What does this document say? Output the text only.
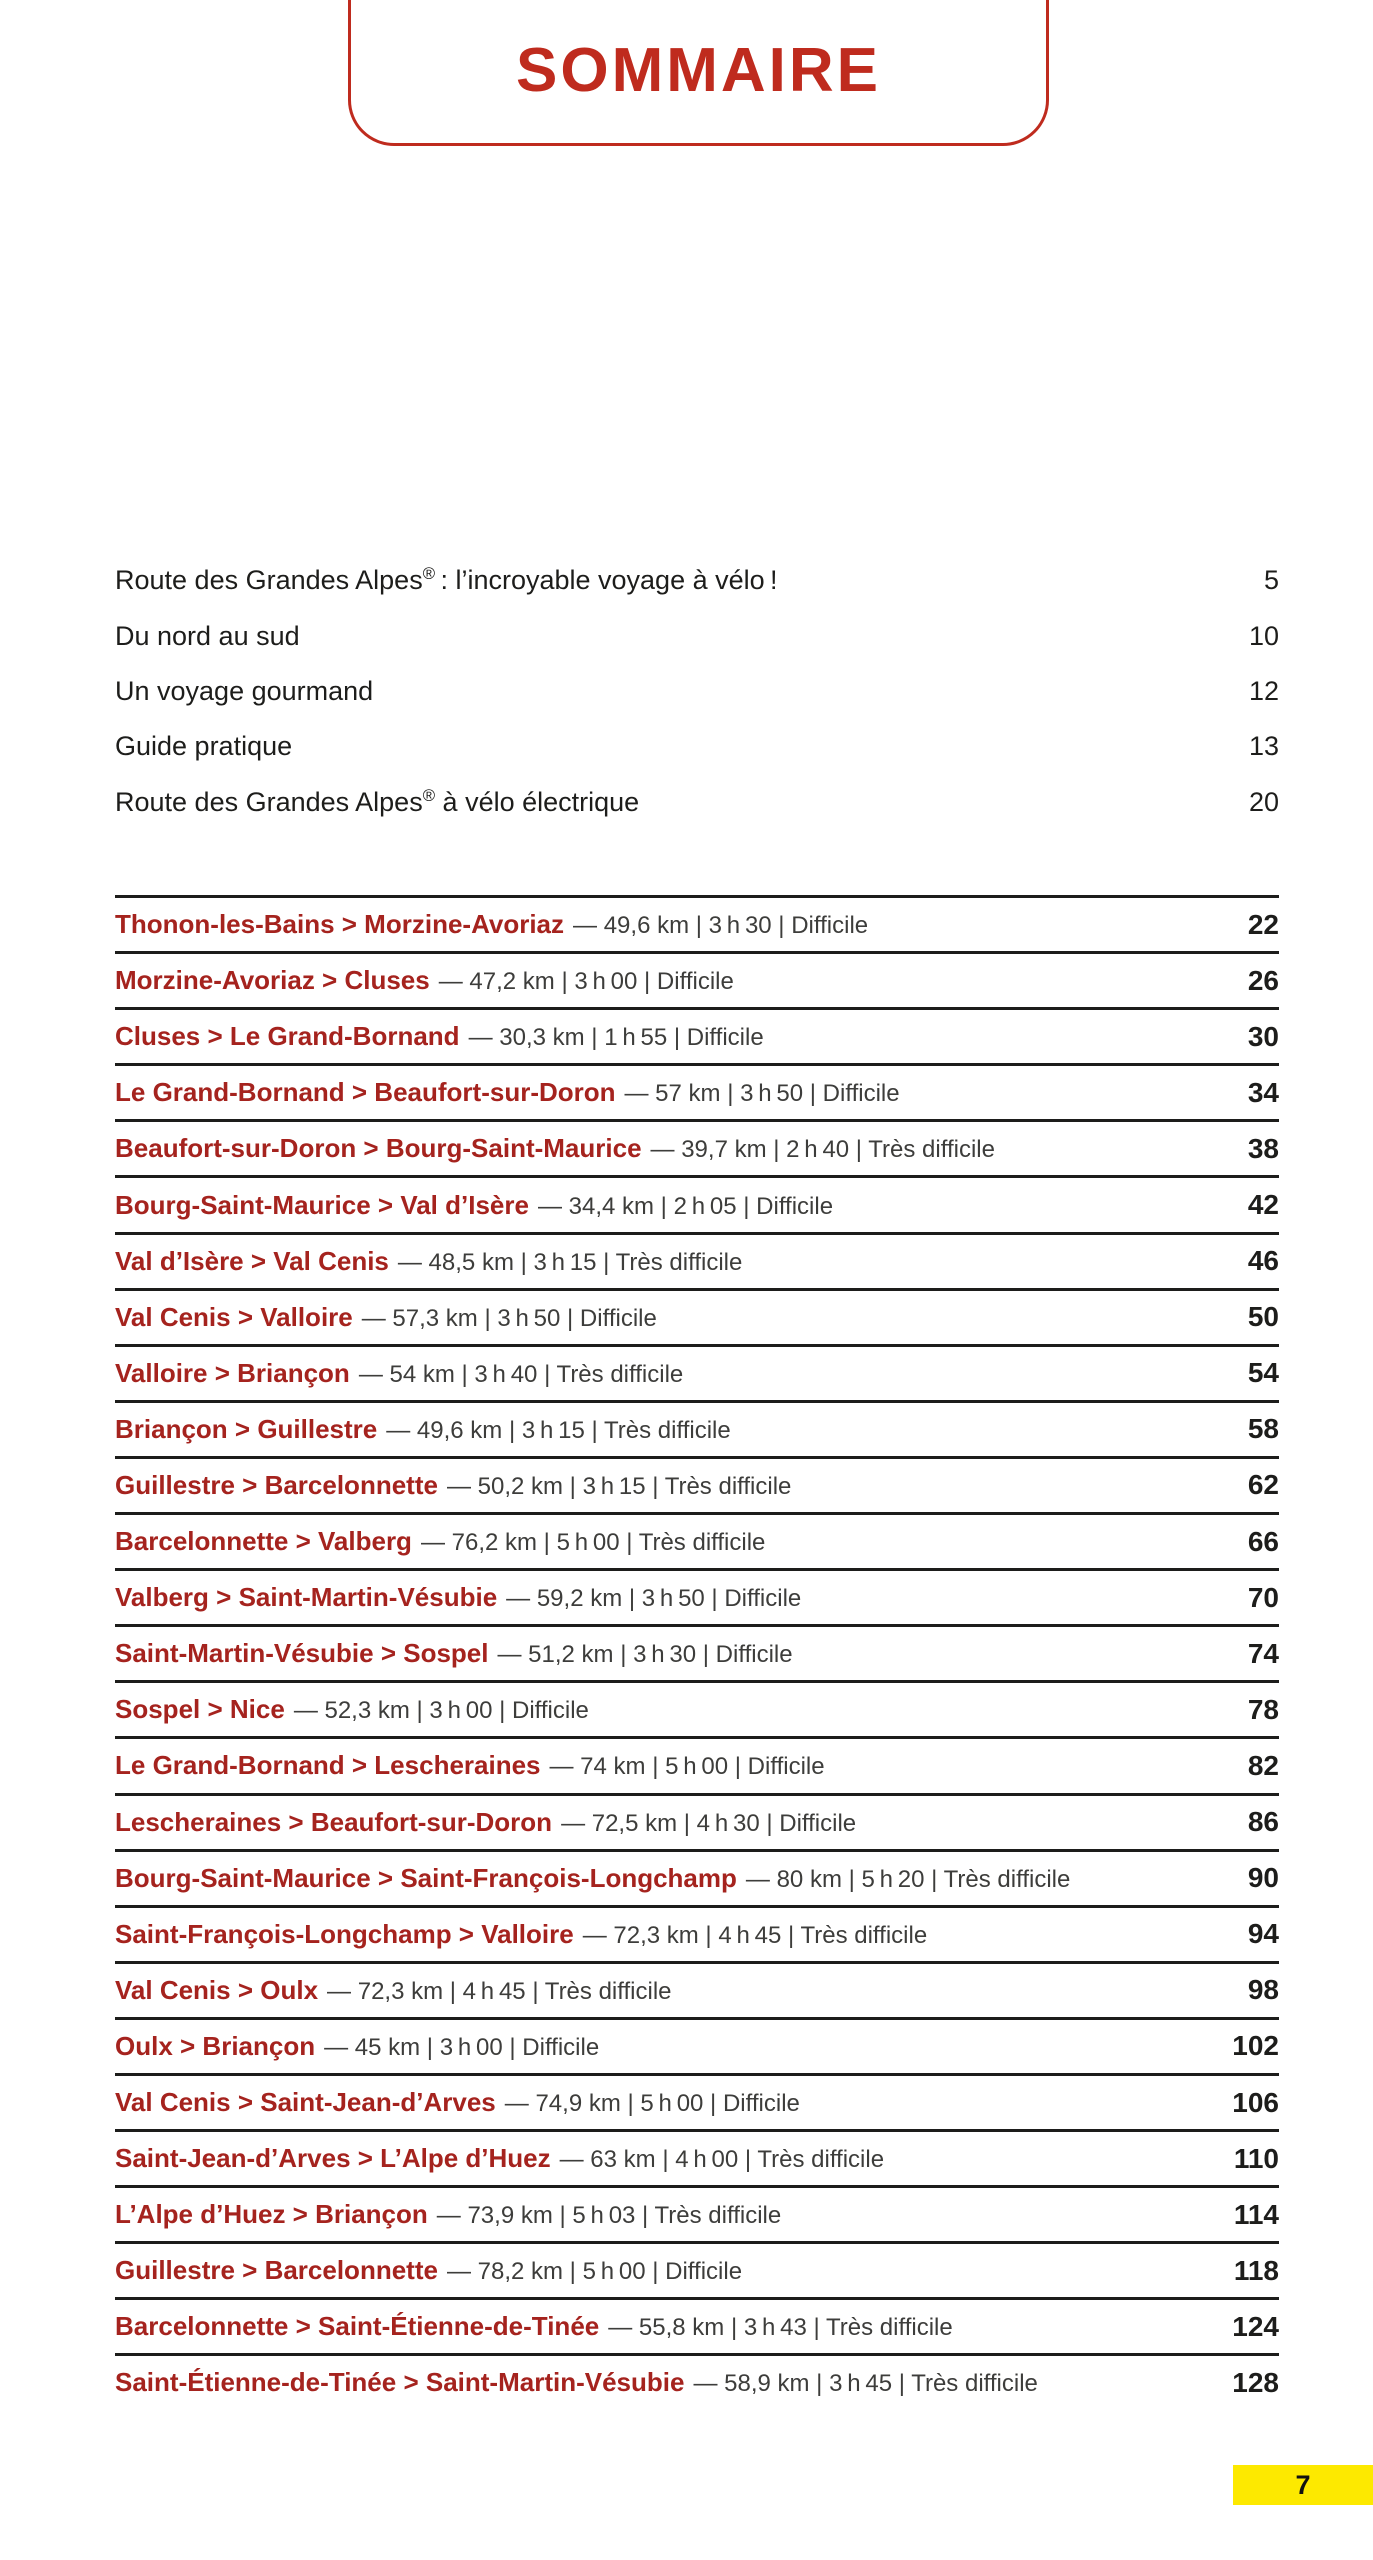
SOMMAIRE
Route des Grandes Alpes® : l’incroyable voyage à vélo !	5
Du nord au sud	10
Un voyage gourmand	12
Guide pratique	13
Route des Grandes Alpes® à vélo électrique	20
Thonon-les-Bains > Morzine-Avoriaz — 49,6 km | 3 h 30 | Difficile	22
Morzine-Avoriaz > Cluses — 47,2 km | 3 h 00 | Difficile	26
Cluses > Le Grand-Bornand — 30,3 km | 1 h 55 | Difficile	30
Le Grand-Bornand > Beaufort-sur-Doron — 57 km | 3 h 50 | Difficile	34
Beaufort-sur-Doron > Bourg-Saint-Maurice — 39,7 km | 2 h 40 | Très difficile	38
Bourg-Saint-Maurice > Val d’Isère — 34,4 km | 2 h 05 | Difficile	42
Val d’Isère > Val Cenis — 48,5 km | 3 h 15 | Très difficile	46
Val Cenis > Valloire — 57,3 km | 3 h 50 | Difficile	50
Valloire > Briançon — 54 km | 3 h 40 | Très difficile	54
Briançon > Guillestre — 49,6 km | 3 h 15 | Très difficile	58
Guillestre > Barcelonnette — 50,2 km | 3 h 15 | Très difficile	62
Barcelonnette > Valberg — 76,2 km | 5 h 00 | Très difficile	66
Valberg > Saint-Martin-Vésubie — 59,2 km | 3 h 50 | Difficile	70
Saint-Martin-Vésubie > Sospel — 51,2 km | 3 h 30 | Difficile	74
Sospel > Nice — 52,3 km | 3 h 00 | Difficile	78
Le Grand-Bornand > Lescheraines — 74 km | 5 h 00 | Difficile	82
Lescheraines > Beaufort-sur-Doron — 72,5 km | 4 h 30 | Difficile	86
Bourg-Saint-Maurice > Saint-François-Longchamp — 80 km | 5 h 20 | Très difficile	90
Saint-François-Longchamp > Valloire — 72,3 km | 4 h 45 | Très difficile	94
Val Cenis > Oulx — 72,3 km | 4 h 45 | Très difficile	98
Oulx > Briançon — 45 km | 3 h 00 | Difficile	102
Val Cenis > Saint-Jean-d’Arves — 74,9 km | 5 h 00 | Difficile	106
Saint-Jean-d’Arves > L’Alpe d’Huez — 63 km | 4 h 00 | Très difficile	110
L’Alpe d’Huez > Briançon — 73,9 km | 5 h 03 | Très difficile	114
Guillestre > Barcelonnette — 78,2 km | 5 h 00 | Difficile	118
Barcelonnette > Saint-Étienne-de-Tinée — 55,8 km | 3 h 43 | Très difficile	124
Saint-Étienne-de-Tinée > Saint-Martin-Vésubie — 58,9 km | 3 h 45 | Très difficile	128
7
